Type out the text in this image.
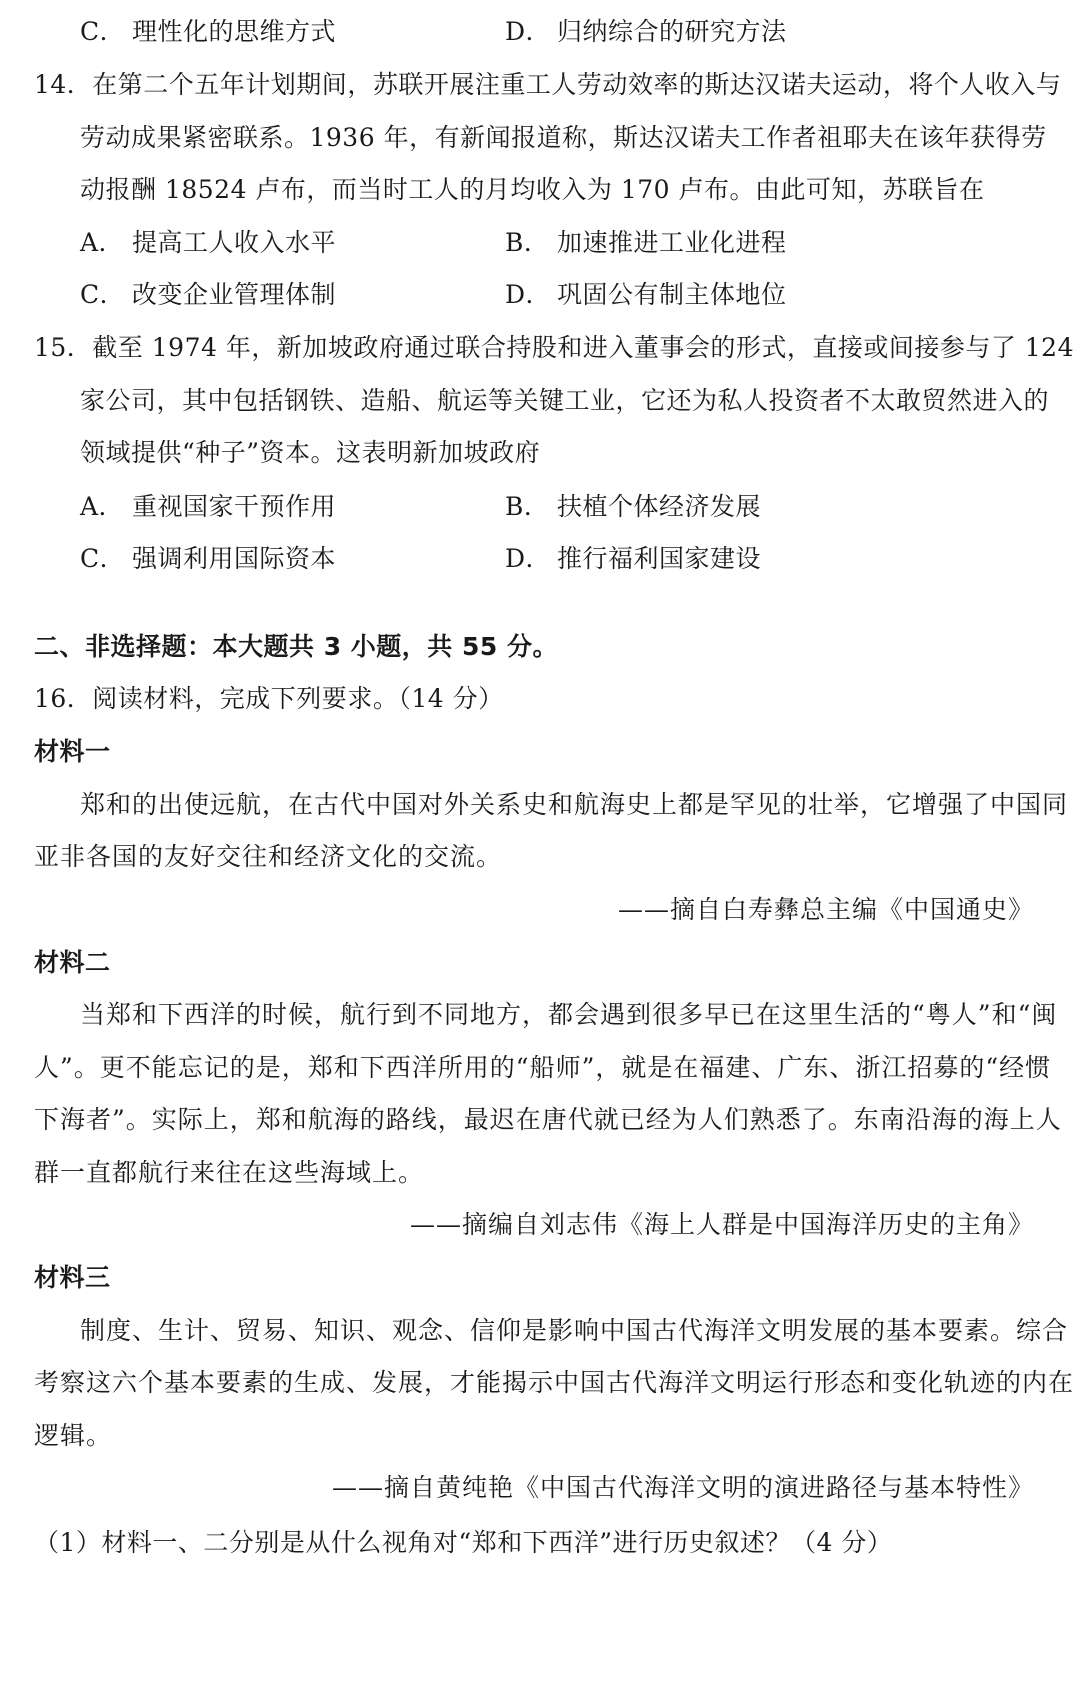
C． 理性化的思维方式	D． 归纳综合的研究方法
14．在第二个五年计划期间，苏联开展注重工人劳动效率的斯达汉诺夫运动，将个人收入与
劳动成果紧密联系。1936 年，有新闻报道称，斯达汉诺夫工作者祖耶夫在该年获得劳
动报酬 18524 卢布，而当时工人的月均收入为 170 卢布。由此可知，苏联旨在
A． 提高工人收入水平	B． 加速推进工业化进程
C． 改变企业管理体制	D． 巩固公有制主体地位
15．截至 1974 年，新加坡政府通过联合持股和进入董事会的形式，直接或间接参与了 124
家公司，其中包括钢铁、造船、航运等关键工业，它还为私人投资者不太敢贸然进入的
领域提供“种子”资本。这表明新加坡政府
A． 重视国家干预作用	B． 扶植个体经济发展
C． 强调利用国际资本	D． 推行福利国家建设
二、非选择题：本大题共 3 小题，共 55 分。
16．阅读材料，完成下列要求。（14 分）
材料一
郑和的出使远航，在古代中国对外关系史和航海史上都是罕见的壮举，它增强了中国同
亚非各国的友好交往和经济文化的交流。
——摘自白寿彝总主编《中国通史》
材料二
当郑和下西洋的时候，航行到不同地方，都会遇到很多早已在这里生活的“粤人”和“闽
人”。更不能忘记的是，郑和下西洋所用的“船师”，就是在福建、广东、浙江招募的“经惯
下海者”。实际上，郑和航海的路线，最迟在唐代就已经为人们熟悉了。东南沿海的海上人
群一直都航行来往在这些海域上。
——摘编自刘志伟《海上人群是中国海洋历史的主角》
材料三
制度、生计、贸易、知识、观念、信仰是影响中国古代海洋文明发展的基本要素。综合
考察这六个基本要素的生成、发展，才能揭示中国古代海洋文明运行形态和变化轨迹的内在
逻辑。
——摘自黄纯艳《中国古代海洋文明的演进路径与基本特性》
（1）材料一、二分别是从什么视角对“郑和下西洋”进行历史叙述？（4 分）
